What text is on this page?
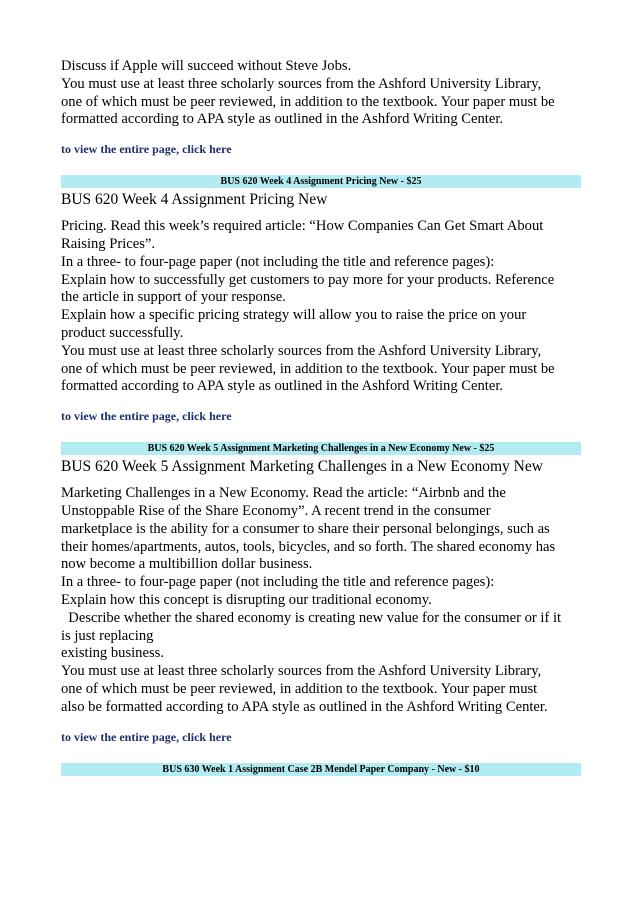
Discuss if Apple will succeed without Steve Jobs.
You must use at least three scholarly sources from the Ashford University Library,
one of which must be peer reviewed, in addition to the textbook. Your paper must be
formatted according to APA style as outlined in the Ashford Writing Center.
to view the entire page, click here
BUS 620 Week 4 Assignment Pricing New - $25
BUS 620 Week 4 Assignment Pricing New
Pricing. Read this week’s required article: “How Companies Can Get Smart About
Raising Prices”.
In a three- to four-page paper (not including the title and reference pages):
Explain how to successfully get customers to pay more for your products. Reference
the article in support of your response.
Explain how a specific pricing strategy will allow you to raise the price on your
product successfully.
You must use at least three scholarly sources from the Ashford University Library,
one of which must be peer reviewed, in addition to the textbook. Your paper must be
formatted according to APA style as outlined in the Ashford Writing Center.
to view the entire page, click here
BUS 620 Week 5 Assignment Marketing Challenges in a New Economy New - $25
BUS 620 Week 5 Assignment Marketing Challenges in a New Economy New
Marketing Challenges in a New Economy. Read the article: “Airbnb and the
Unstoppable Rise of the Share Economy”. A recent trend in the consumer
marketplace is the ability for a consumer to share their personal belongings, such as
their homes/apartments, autos, tools, bicycles, and so forth. The shared economy has
now become a multibillion dollar business.
In a three- to four-page paper (not including the title and reference pages):
Explain how this concept is disrupting our traditional economy.
Describe whether the shared economy is creating new value for the consumer or if it
is just replacing
existing business.
You must use at least three scholarly sources from the Ashford University Library,
one of which must be peer reviewed, in addition to the textbook. Your paper must
also be formatted according to APA style as outlined in the Ashford Writing Center.
to view the entire page, click here
BUS 630 Week 1 Assignment Case 2B Mendel Paper Company - New - $10
